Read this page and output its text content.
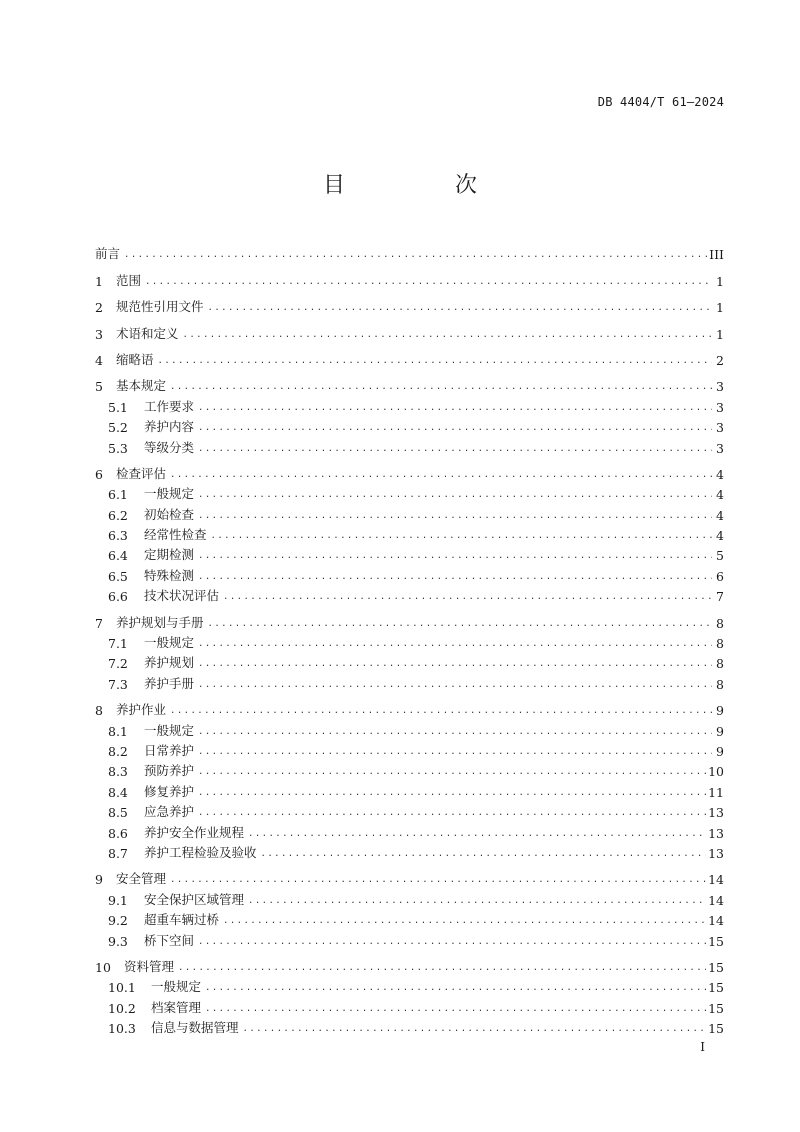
DB 4404/T 61—2024
目　次
前言 .....	III
1	范围 .....	1
2	规范性引用文件 .....	1
3	术语和定义 .....	1
4	缩略语 .....	2
5	基本规定 .....	3
5.1	工作要求 .....	3
5.2	养护内容 .....	3
5.3	等级分类 .....	3
6	检查评估 .....	4
6.1	一般规定 .....	4
6.2	初始检查 .....	4
6.3	经常性检查 .....	4
6.4	定期检测 .....	5
6.5	特殊检测 .....	6
6.6	技术状况评估 .....	7
7	养护规划与手册 .....	8
7.1	一般规定 .....	8
7.2	养护规划 .....	8
7.3	养护手册 .....	8
8	养护作业 .....	9
8.1	一般规定 .....	9
8.2	日常养护 .....	9
8.3	预防养护 .....	10
8.4	修复养护 .....	11
8.5	应急养护 .....	13
8.6	养护安全作业规程 .....	13
8.7	养护工程检验及验收 .....	13
9	安全管理 .....	14
9.1	安全保护区域管理 .....	14
9.2	超重车辆过桥 .....	14
9.3	桥下空间 .....	15
10	资料管理 .....	15
10.1	一般规定 .....	15
10.2	档案管理 .....	15
10.3	信息与数据管理 .....	15
I
